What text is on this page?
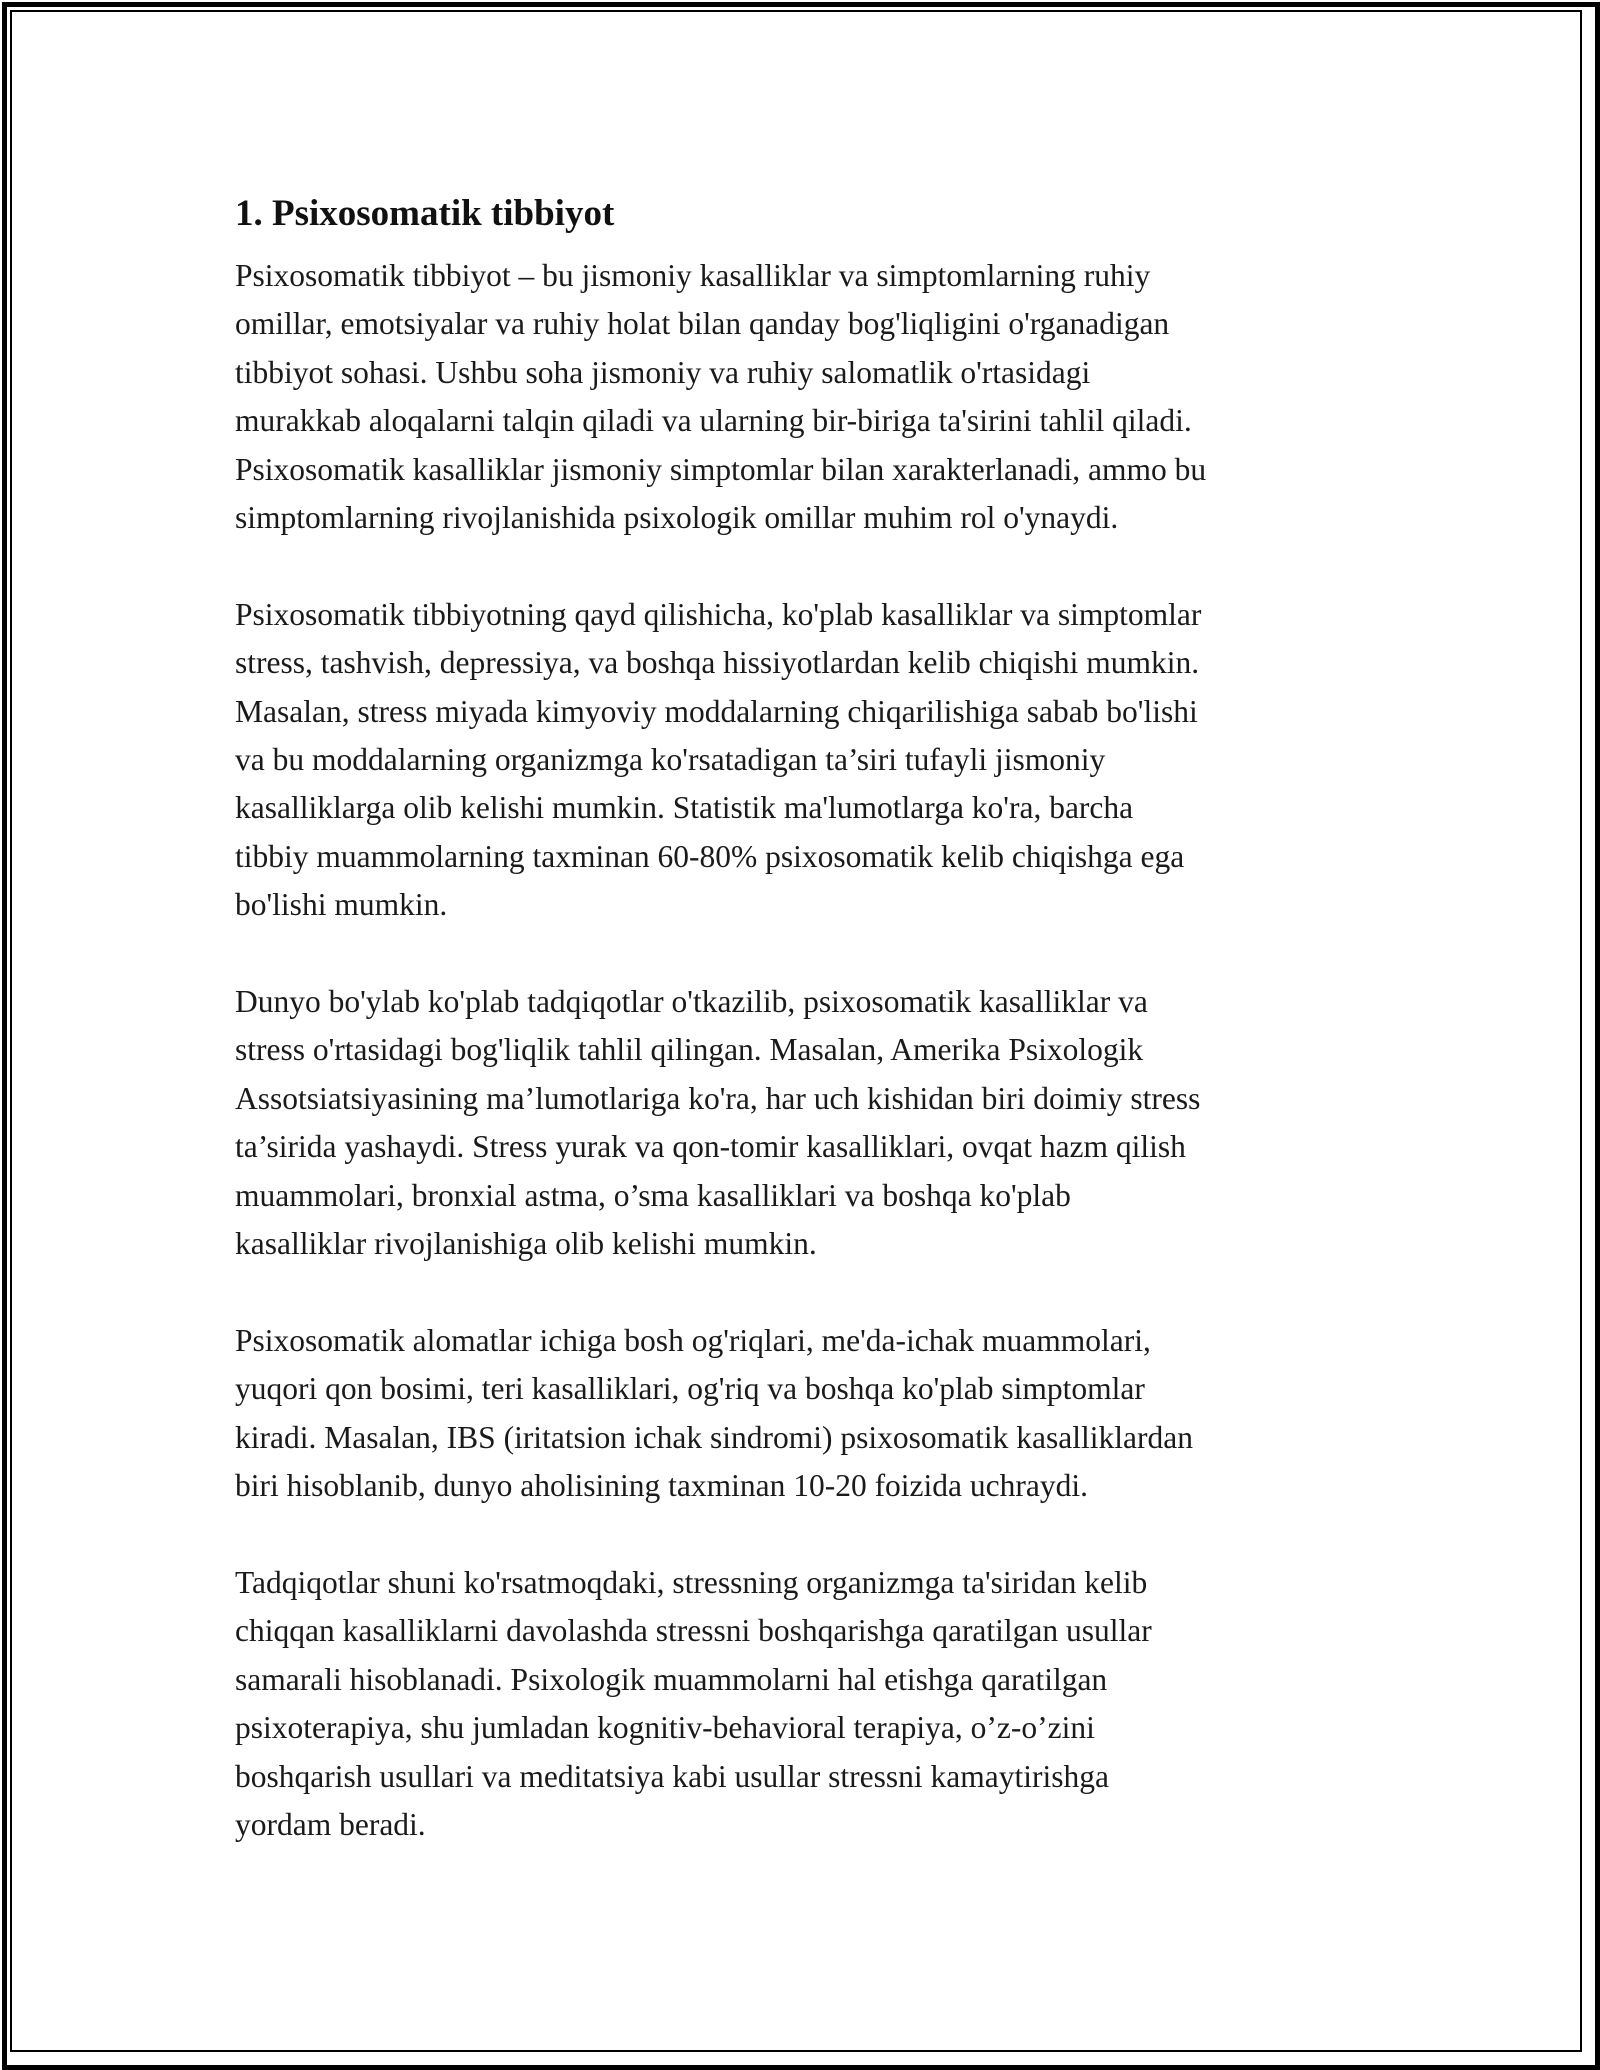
1. Psixosomatik tibbiyot

Psixosomatik tibbiyot – bu jismoniy kasalliklar va simptomlarning ruhiy
omillar, emotsiyalar va ruhiy holat bilan qanday bog'liqligini o'rganadigan
tibbiyot sohasi. Ushbu soha jismoniy va ruhiy salomatlik o'rtasidagi
murakkab aloqalarni talqin qiladi va ularning bir-biriga ta'sirini tahlil qiladi.
Psixosomatik kasalliklar jismoniy simptomlar bilan xarakterlanadi, ammo bu
simptomlarning rivojlanishida psixologik omillar muhim rol o'ynaydi.

Psixosomatik tibbiyotning qayd qilishicha, ko'plab kasalliklar va simptomlar
stress, tashvish, depressiya, va boshqa hissiyotlardan kelib chiqishi mumkin.
Masalan, stress miyada kimyoviy moddalarning chiqarilishiga sabab bo'lishi
va bu moddalarning organizmga ko'rsatadigan ta’siri tufayli jismoniy
kasalliklarga olib kelishi mumkin. Statistik ma'lumotlarga ko'ra, barcha
tibbiy muammolarning taxminan 60-80% psixosomatik kelib chiqishga ega
bo'lishi mumkin.

Dunyo bo'ylab ko'plab tadqiqotlar o'tkazilib, psixosomatik kasalliklar va
stress o'rtasidagi bog'liqlik tahlil qilingan. Masalan, Amerika Psixologik
Assotsiatsiyasining ma’lumotlariga ko'ra, har uch kishidan biri doimiy stress
ta’sirida yashaydi. Stress yurak va qon-tomir kasalliklari, ovqat hazm qilish
muammolari, bronxial astma, o’sma kasalliklari va boshqa ko'plab
kasalliklar rivojlanishiga olib kelishi mumkin.

Psixosomatik alomatlar ichiga bosh og'riqlari, me'da-ichak muammolari,
yuqori qon bosimi, teri kasalliklari, og'riq va boshqa ko'plab simptomlar
kiradi. Masalan, IBS (iritatsion ichak sindromi) psixosomatik kasalliklardan
biri hisoblanib, dunyo aholisining taxminan 10-20 foizida uchraydi.

Tadqiqotlar shuni ko'rsatmoqdaki, stressning organizmga ta'siridan kelib
chiqqan kasalliklarni davolashda stressni boshqarishga qaratilgan usullar
samarali hisoblanadi. Psixologik muammolarni hal etishga qaratilgan
psixoterapiya, shu jumladan kognitiv-behavioral terapiya, o’z-o’zini
boshqarish usullari va meditatsiya kabi usullar stressni kamaytirishga
yordam beradi.
